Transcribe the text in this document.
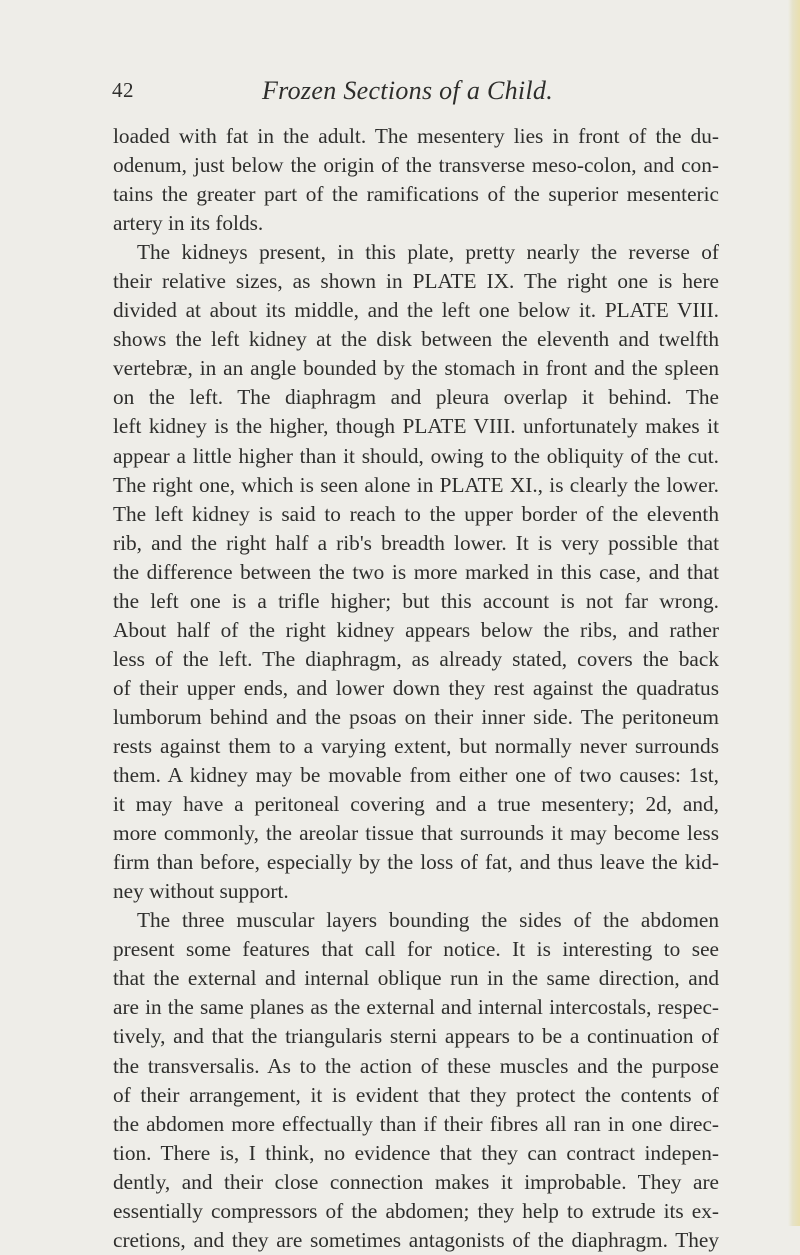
42	Frozen Sections of a Child.
loaded with fat in the adult. The mesentery lies in front of the du-
odenum, just below the origin of the transverse meso-colon, and con-
tains the greater part of the ramifications of the superior mesenteric
artery in its folds.
The kidneys present, in this plate, pretty nearly the reverse of
their relative sizes, as shown in PLATE IX. The right one is here
divided at about its middle, and the left one below it. PLATE VIII.
shows the left kidney at the disk between the eleventh and twelfth
vertebræ, in an angle bounded by the stomach in front and the spleen
on the left. The diaphragm and pleura overlap it behind. The
left kidney is the higher, though PLATE VIII. unfortunately makes it
appear a little higher than it should, owing to the obliquity of the cut.
The right one, which is seen alone in PLATE XI., is clearly the lower.
The left kidney is said to reach to the upper border of the eleventh
rib, and the right half a rib's breadth lower. It is very possible that
the difference between the two is more marked in this case, and that
the left one is a trifle higher; but this account is not far wrong.
About half of the right kidney appears below the ribs, and rather
less of the left. The diaphragm, as already stated, covers the back
of their upper ends, and lower down they rest against the quadratus
lumborum behind and the psoas on their inner side. The peritoneum
rests against them to a varying extent, but normally never surrounds
them. A kidney may be movable from either one of two causes: 1st,
it may have a peritoneal covering and a true mesentery; 2d, and,
more commonly, the areolar tissue that surrounds it may become less
firm than before, especially by the loss of fat, and thus leave the kid-
ney without support.
The three muscular layers bounding the sides of the abdomen
present some features that call for notice. It is interesting to see
that the external and internal oblique run in the same direction, and
are in the same planes as the external and internal intercostals, respec-
tively, and that the triangularis sterni appears to be a continuation of
the transversalis. As to the action of these muscles and the purpose
of their arrangement, it is evident that they protect the contents of
the abdomen more effectually than if their fibres all ran in one direc-
tion. There is, I think, no evidence that they can contract indepen-
dently, and their close connection makes it improbable. They are
essentially compressors of the abdomen; they help to extrude its ex-
cretions, and they are sometimes antagonists of the diaphragm. They
